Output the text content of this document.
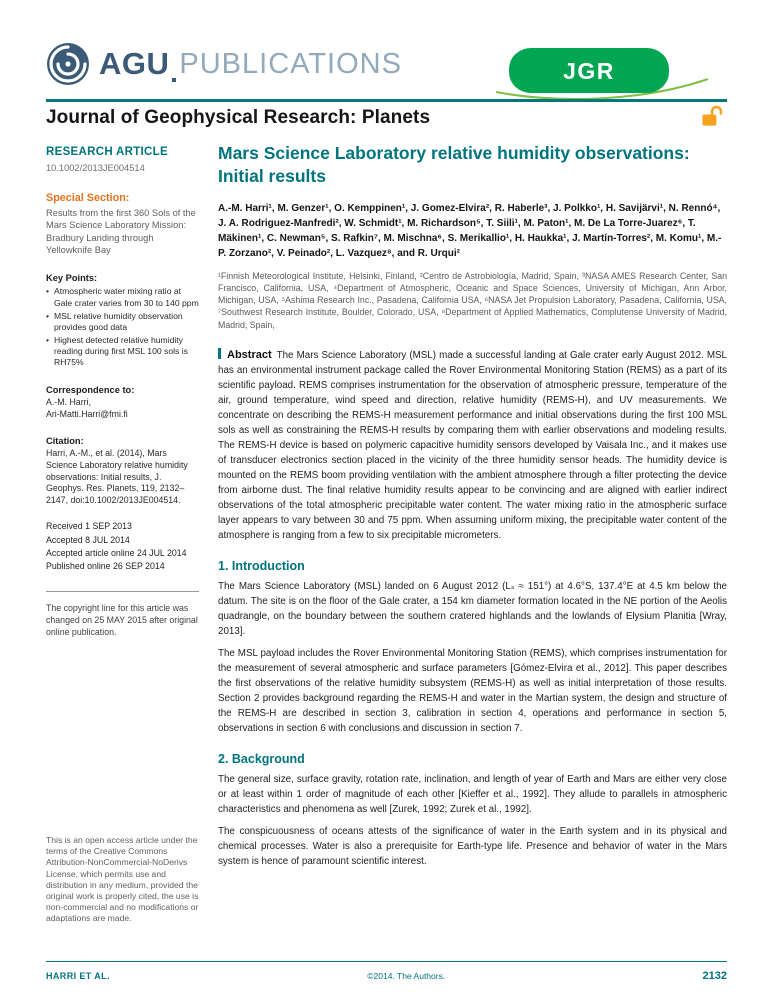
AGU PUBLICATIONS	JGR
Journal of Geophysical Research: Planets
RESEARCH ARTICLE
10.1002/2013JE004514
Special Section:
Results from the first 360 Sols of the Mars Science Laboratory Mission: Bradbury Landing through Yellowknife Bay
Key Points:
• Atmospheric water mixing ratio at Gale crater varies from 30 to 140 ppm
• MSL relative humidity observation provides good data
• Highest detected relative humidity reading during first MSL 100 sols is RH75%
Correspondence to:
A.-M. Harri,
Ari-Matti.Harri@fmi.fi
Citation:
Harri, A.-M., et al. (2014), Mars Science Laboratory relative humidity observations: Initial results, J. Geophys. Res. Planets, 119, 2132–2147, doi:10.1002/2013JE004514.
Received 1 SEP 2013
Accepted 8 JUL 2014
Accepted article online 24 JUL 2014
Published online 26 SEP 2014
The copyright line for this article was changed on 25 MAY 2015 after original online publication.
This is an open access article under the terms of the Creative Commons Attribution-NonCommercial-NoDerivs License, which permits use and distribution in any medium, provided the original work is properly cited, the use is non-commercial and no modifications or adaptations are made.
Mars Science Laboratory relative humidity observations: Initial results

A.-M. Harri¹, M. Genzer¹, O. Kemppinen¹, J. Gomez-Elvira², R. Haberle³, J. Polkko¹, H. Savijärvi¹, N. Rennó⁴, J. A. Rodriguez-Manfredi², W. Schmidt¹, M. Richardson⁵, T. Siili¹, M. Paton¹, M. De La Torre-Juarez⁶, T. Mäkinen¹, C. Newman⁵, S. Rafkin⁷, M. Mischna⁶, S. Merikallio¹, H. Haukka¹, J. Martín-Torres², M. Komu¹, M.-P. Zorzano², V. Peinado², L. Vazquez⁸, and R. Urqui²

¹Finnish Meteorological Institute, Helsinki, Finland, ²Centro de Astrobiología, Madrid, Spain, ³NASA AMES Research Center, San Francisco, California, USA, ⁴Department of Atmospheric, Oceanic and Space Sciences, University of Michigan, Ann Arbor, Michigan, USA, ⁵Ashima Research Inc., Pasadena, California USA, ⁶NASA Jet Propulsion Laboratory, Pasadena, California, USA, ⁷Southwest Research Institute, Boulder, Colorado, USA, ⁸Department of Applied Mathematics, Complutense University of Madrid, Madrid, Spain,

Abstract The Mars Science Laboratory (MSL) made a successful landing at Gale crater early August 2012. MSL has an environmental instrument package called the Rover Environmental Monitoring Station (REMS) as a part of its scientific payload. REMS comprises instrumentation for the observation of atmospheric pressure, temperature of the air, ground temperature, wind speed and direction, relative humidity (REMS-H), and UV measurements. We concentrate on describing the REMS-H measurement performance and initial observations during the first 100 MSL sols as well as constraining the REMS-H results by comparing them with earlier observations and modeling results. The REMS-H device is based on polymeric capacitive humidity sensors developed by Vaisala Inc., and it makes use of transducer electronics section placed in the vicinity of the three humidity sensor heads. The humidity device is mounted on the REMS boom providing ventilation with the ambient atmosphere through a filter protecting the device from airborne dust. The final relative humidity results appear to be convincing and are aligned with earlier indirect observations of the total atmospheric precipitable water content. The water mixing ratio in the atmospheric surface layer appears to vary between 30 and 75 ppm. When assuming uniform mixing, the precipitable water content of the atmosphere is ranging from a few to six precipitable micrometers.

1. Introduction

The Mars Science Laboratory (MSL) landed on 6 August 2012 (Lₛ ≈ 151°) at 4.6°S, 137.4°E at 4.5 km below the datum. The site is on the floor of the Gale crater, a 154 km diameter formation located in the NE portion of the Aeolis quadrangle, on the boundary between the southern cratered highlands and the lowlands of Elysium Planitia [Wray, 2013].

The MSL payload includes the Rover Environmental Monitoring Station (REMS), which comprises instrumentation for the measurement of several atmospheric and surface parameters [Gómez-Elvira et al., 2012]. This paper describes the first observations of the relative humidity subsystem (REMS-H) as well as initial interpretation of those results. Section 2 provides background regarding the REMS-H and water in the Martian system, the design and structure of the REMS-H are described in section 3, calibration in section 4, operations and performance in section 5, observations in section 6 with conclusions and discussion in section 7.

2. Background

The general size, surface gravity, rotation rate, inclination, and length of year of Earth and Mars are either very close or at least within 1 order of magnitude of each other [Kieffer et al., 1992]. They allude to parallels in atmospheric characteristics and phenomena as well [Zurek, 1992; Zurek et al., 1992].

The conspicuousness of oceans attests of the significance of water in the Earth system and in its physical and chemical processes. Water is also a prerequisite for Earth-type life. Presence and behavior of water in the Mars system is hence of paramount scientific interest.

HARRI ET AL.	©2014. The Authors.	2132
